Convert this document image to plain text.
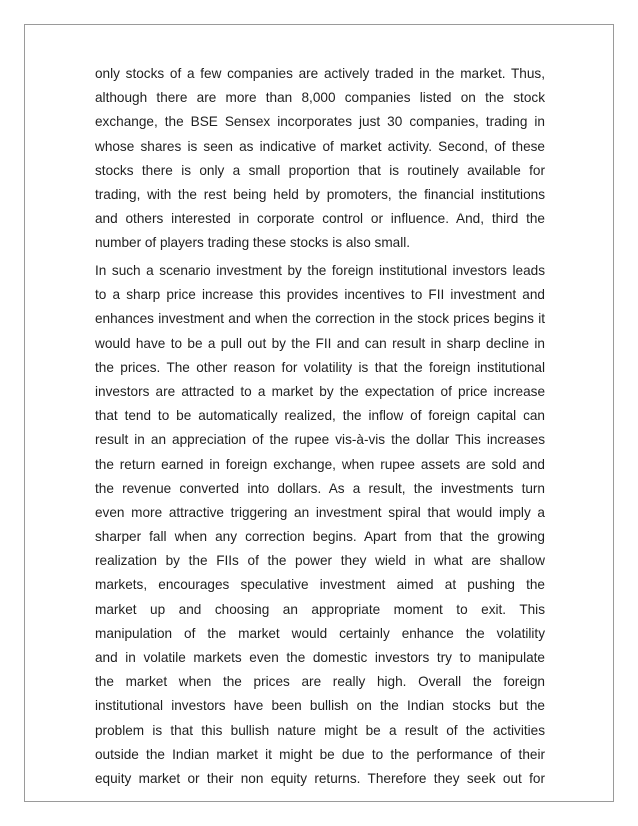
only stocks of a few companies are actively traded in the market. Thus,
although there are more than 8,000 companies listed on the stock
exchange, the BSE Sensex incorporates just 30 companies, trading in
whose shares is seen as indicative of market activity. Second, of these
stocks there is only a small proportion that is routinely available for
trading, with the rest being held by promoters, the financial institutions
and others interested in corporate control or influence. And, third the
number of players trading these stocks is also small.
In such a scenario investment by the foreign institutional investors leads
to a sharp price increase this provides incentives to FII investment and
enhances investment and when the correction in the stock prices begins it
would have to be a pull out by the FII and can result in sharp decline in
the prices. The other reason for volatility is that the foreign institutional
investors are attracted to a market by the expectation of price increase
that tend to be automatically realized, the inflow of foreign capital can
result in an appreciation of the rupee vis-à-vis the dollar This increases
the return earned in foreign exchange, when rupee assets are sold and
the revenue converted into dollars. As a result, the investments turn
even more attractive triggering an investment spiral that would imply a
sharper fall when any correction begins. Apart from that the growing
realization by the FIIs of the power they wield in what are shallow
markets, encourages speculative investment aimed at pushing the
market up and choosing an appropriate moment to exit. This
manipulation of the market would certainly enhance the volatility
and in volatile markets even the domestic investors try to manipulate
the market when the prices are really high. Overall the foreign
institutional investors have been bullish on the Indian stocks but the
problem is that this bullish nature might be a result of the activities
outside the Indian market it might be due to the performance of their
equity market or their non equity returns. Therefore they seek out for
